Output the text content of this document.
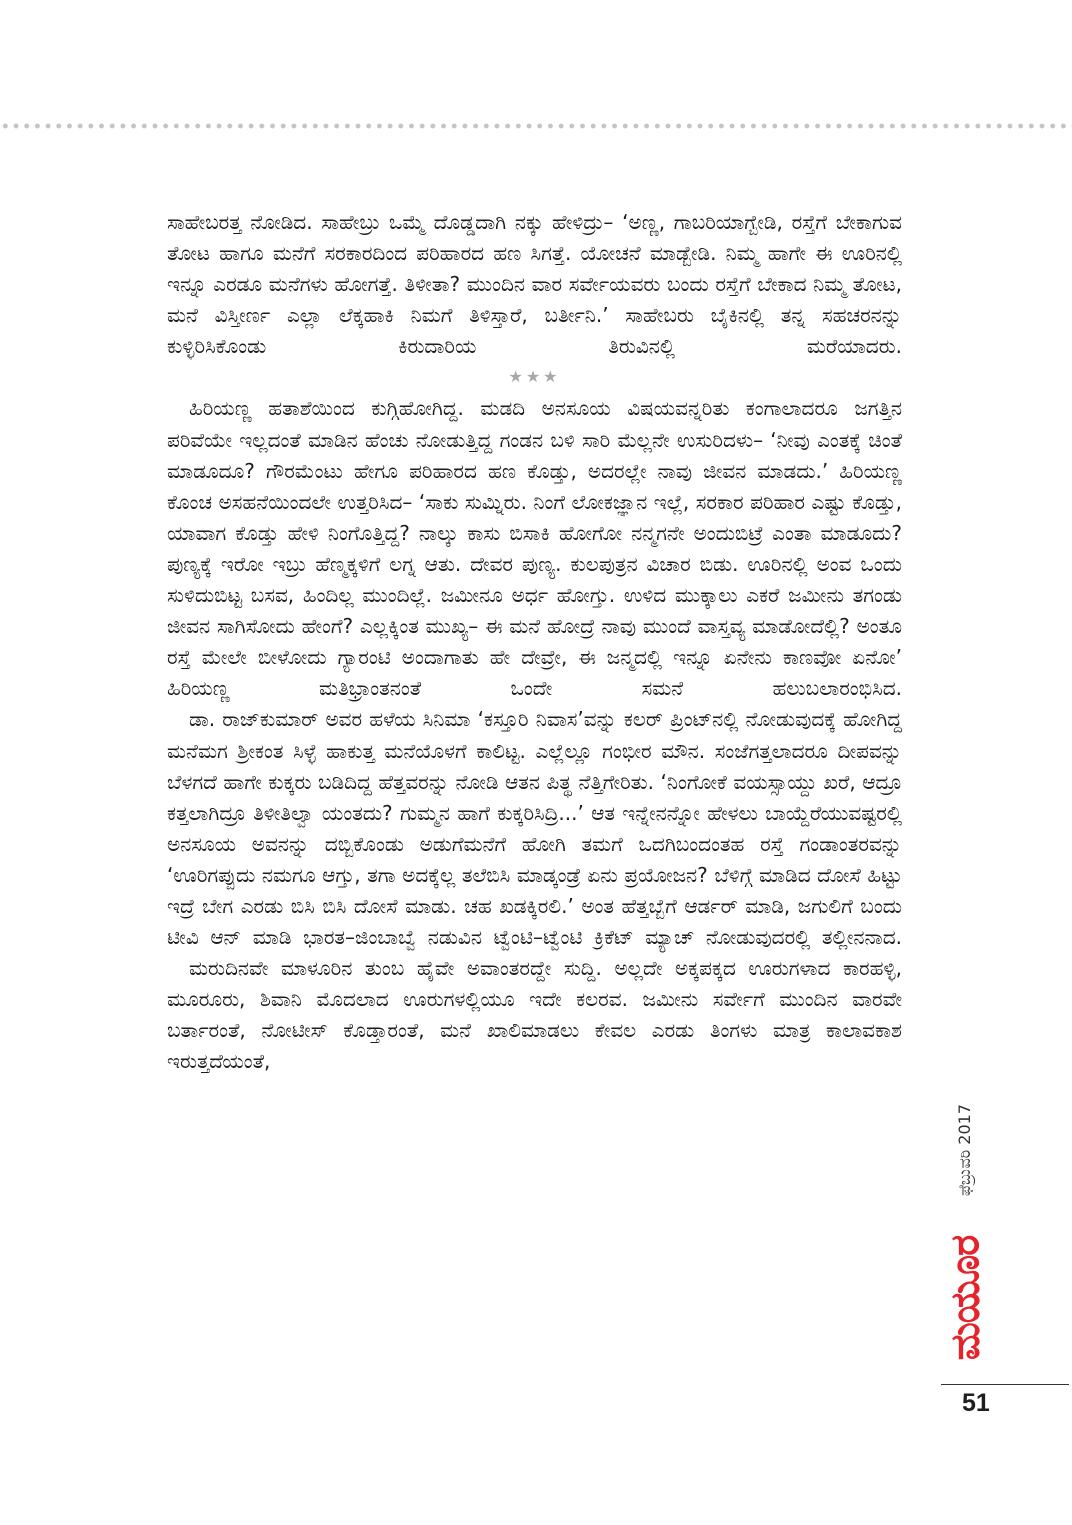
ಸಾಹೇಬರತ್ತ ನೋಡಿದ. ಸಾಹೇಬ್ರು ಒಮ್ಮೆ ದೊಡ್ಡದಾಗಿ ನಕ್ಕು ಹೇಳಿದ್ರು– ‘ಅಣ್ಣ, ಗಾಬರಿಯಾಗ್ಬೇಡಿ, ರಸ್ತೆಗೆ ಬೇಕಾಗುವ ತೋಟ ಹಾಗೂ ಮನೆಗೆ ಸರಕಾರದಿಂದ ಪರಿಹಾರದ ಹಣ ಸಿಗತ್ತೆ. ಯೋಚನೆ ಮಾಡ್ಬೇಡಿ. ನಿಮ್ಮ ಹಾಗೇ ಈ ಊರಿನಲ್ಲಿ ಇನ್ನೂ ಎರಡೂ ಮನೆಗಳು ಹೋಗತ್ತೆ. ತಿಳೀತಾ? ಮುಂದಿನ ವಾರ ಸರ್ವೇಯವರು ಬಂದು ರಸ್ತೆಗೆ ಬೇಕಾದ ನಿಮ್ಮ ತೋಟ, ಮನೆ ವಿಸ್ತೀರ್ಣ ಎಲ್ಲಾ ಲೆಕ್ಕಹಾಕಿ ನಿಮಗೆ ತಿಳಿಸ್ತಾರೆ, ಬರ್ತೀನಿ.’ ಸಾಹೇಬರು ಬೈಕಿನಲ್ಲಿ ತನ್ನ ಸಹಚರನನ್ನು ಕುಳ್ಳಿರಿಸಿಕೊಂಡು ಕಿರುದಾರಿಯ ತಿರುವಿನಲ್ಲಿ ಮರೆಯಾದರು.

★★★

ಹಿರಿಯಣ್ಣ ಹತಾಶೆಯಿಂದ ಕುಗ್ಗಿಹೋಗಿದ್ದ. ಮಡದಿ ಅನಸೂಯ ವಿಷಯವನ್ನರಿತು ಕಂಗಾಲಾದರೂ ಜಗತ್ತಿನ ಪರಿವೆಯೇ ಇಲ್ಲದಂತೆ ಮಾಡಿನ ಹೆಂಚು ನೋಡುತ್ತಿದ್ದ ಗಂಡನ ಬಳಿ ಸಾರಿ ಮೆಲ್ಲನೇ ಉಸುರಿದಳು– ‘ನೀವು ಎಂತಕ್ಕೆ ಚಿಂತೆ ಮಾಡೂದೂ? ಗೌರಮೆಂಟು ಹೇಗೂ ಪರಿಹಾರದ ಹಣ ಕೊಡ್ತು, ಅದರಲ್ಲೇ ನಾವು ಜೀವನ ಮಾಡದು.’ ಹಿರಿಯಣ್ಣ ಕೊಂಚ ಅಸಹನೆಯಿಂದಲೇ ಉತ್ತರಿಸಿದ– ‘ಸಾಕು ಸುಮ್ನಿರು. ನಿಂಗೆ ಲೋಕಜ್ಞಾನ ಇಲ್ಲೆ, ಸರಕಾರ ಪರಿಹಾರ ಎಷ್ಟು ಕೊಡ್ತು, ಯಾವಾಗ ಕೊಡ್ತು ಹೇಳಿ ನಿಂಗೊತ್ತಿದ್ದ? ನಾಲ್ಕು ಕಾಸು ಬಿಸಾಕಿ ಹೋಗೋ ನನ್ಮಗನೇ ಅಂದುಬಿಟ್ರೆ ಎಂತಾ ಮಾಡೂದು? ಪುಣ್ಯಕ್ಕೆ ಇರೋ ಇಬ್ರು ಹೆಣ್ಮಕ್ಕಳಿಗೆ ಲಗ್ನ ಆತು. ದೇವರ ಪುಣ್ಯ. ಕುಲಪುತ್ರನ ವಿಚಾರ ಬಿಡು. ಊರಿನಲ್ಲಿ ಅಂವ ಒಂದು ಸುಳಿದುಬಿಟ್ಟ ಬಸವ, ಹಿಂದಿಲ್ಲ ಮುಂದಿಲ್ಲೆ. ಜಮೀನೂ ಅರ್ಧ ಹೋಗ್ತು. ಉಳಿದ ಮುಕ್ಕಾಲು ಎಕರೆ ಜಮೀನು ತಗಂಡು ಜೀವನ ಸಾಗಿಸೋದು ಹೇಂಗೆ? ಎಲ್ಲಕ್ಕಿಂತ ಮುಖ್ಯ– ಈ ಮನೆ ಹೋದ್ರೆ ನಾವು ಮುಂದೆ ವಾಸ್ತವ್ಯ ಮಾಡೋದೆಲ್ಲಿ? ಅಂತೂ ರಸ್ತೆ ಮೇಲೇ ಬೀಳೋದು ಗ್ಯಾರಂಟಿ ಅಂದಾಗಾತು ಹೇ ದೇವ್ರೇ, ಈ ಜನ್ಮದಲ್ಲಿ ಇನ್ನೂ ಏನೇನು ಕಾಣವೋ ಏನೋ’ ಹಿರಿಯಣ್ಣ ಮತಿಭ್ರಾಂತನಂತೆ ಒಂದೇ ಸಮನೆ ಹಲುಬಲಾರಂಭಿಸಿದ.

ಡಾ. ರಾಜ್‌ಕುಮಾರ್ ಅವರ ಹಳೆಯ ಸಿನಿಮಾ ‘ಕಸ್ತೂರಿ ನಿವಾಸ’ವನ್ನು ಕಲರ್ ಪ್ರಿಂಟ್‌ನಲ್ಲಿ ನೋಡುವುದಕ್ಕೆ ಹೋಗಿದ್ದ ಮನೆಮಗ ಶ್ರೀಕಂತ ಸಿಳ್ಳೆ ಹಾಕುತ್ತ ಮನೆಯೊಳಗೆ ಕಾಲಿಟ್ಟ. ಎಲ್ಲೆಲ್ಲೂ ಗಂಭೀರ ಮೌನ. ಸಂಜೆಗತ್ತಲಾದರೂ ದೀಪವನ್ನು ಬೆಳಗದೆ ಹಾಗೇ ಕುಕ್ಕರು ಬಡಿದಿದ್ದ ಹೆತ್ತವರನ್ನು ನೋಡಿ ಆತನ ಪಿತ್ಥ ನೆತ್ತಿಗೇರಿತು. ‘ನಿಂಗೋಕೆ ವಯಸ್ಸಾಯ್ದು ಖರೆ, ಆದ್ರೂ ಕತ್ತಲಾಗಿದ್ರೂ ತಿಳೀತಿಲ್ವಾ ಯಂತದು? ಗುಮ್ಮನ ಹಾಗೆ ಕುಕ್ಕರಿಸಿದ್ರಿ...’ ಆತ ಇನ್ನೇನನ್ನೋ ಹೇಳಲು ಬಾಯ್ದೆರೆಯುವಷ್ಟರಲ್ಲಿ ಅನಸೂಯ ಅವನನ್ನು ದಬ್ಬಿಕೊಂಡು ಅಡುಗೆಮನೆಗೆ ಹೋಗಿ ತಮಗೆ ಒದಗಿಬಂದಂತಹ ರಸ್ತೆ ಗಂಡಾಂತರವನ್ನು ‘ಊರಿಗಪ್ಪುದು ನಮಗೂ ಆಗ್ತು, ತಗಾ ಅದಕ್ಕೆಲ್ಲ ತಲೆಬಿಸಿ ಮಾಡ್ಕಂಡ್ರೆ ಏನು ಪ್ರಯೋಜನ? ಬೆಳಿಗ್ಗೆ ಮಾಡಿದ ದೋಸೆ ಹಿಟ್ಟು ಇದ್ರೆ ಬೇಗ ಎರಡು ಬಿಸಿ ಬಿಸಿ ದೋಸೆ ಮಾಡು. ಚಹ ಖಡಕ್ಕಿರಲಿ.’ ಅಂತ ಹೆತ್ತಬ್ಬೆಗೆ ಆರ್ಡರ್ ಮಾಡಿ, ಜಗುಲಿಗೆ ಬಂದು ಟೀವಿ ಆನ್ ಮಾಡಿ ಭಾರತ–ಜಿಂಬಾಬ್ವೆ ನಡುವಿನ ಟ್ವೆಂಟಿ–ಟ್ವೆಂಟಿ ಕ್ರಿಕೆಟ್ ಮ್ಯಾಚ್ ನೋಡುವುದರಲ್ಲಿ ತಲ್ಲೀನನಾದ.

ಮರುದಿನವೇ ಮಾಳೂರಿನ ತುಂಬ ಹೈವೇ ಅವಾಂತರದ್ದೇ ಸುದ್ದಿ. ಅಲ್ಲದೇ ಅಕ್ಕಪಕ್ಕದ ಊರುಗಳಾದ ಕಾರಹಳ್ಳಿ, ಮೂರೂರು, ಶಿವಾನಿ ಮೊದಲಾದ ಊರುಗಳಲ್ಲಿಯೂ ಇದೇ ಕಲರವ. ಜಮೀನು ಸರ್ವೇಗೆ ಮುಂದಿನ ವಾರವೇ ಬರ್ತಾರಂತೆ, ನೋಟೀಸ್ ಕೊಡ್ತಾರಂತೆ, ಮನೆ ಖಾಲಿಮಾಡಲು ಕೇವಲ ಎರಡು ತಿಂಗಳು ಮಾತ್ರ ಕಾಲಾವಕಾಶ ಇರುತ್ತದೆಯಂತೆ,

ಫೆಬ್ರುವರಿ 2017
ಮಯೂರ
51
